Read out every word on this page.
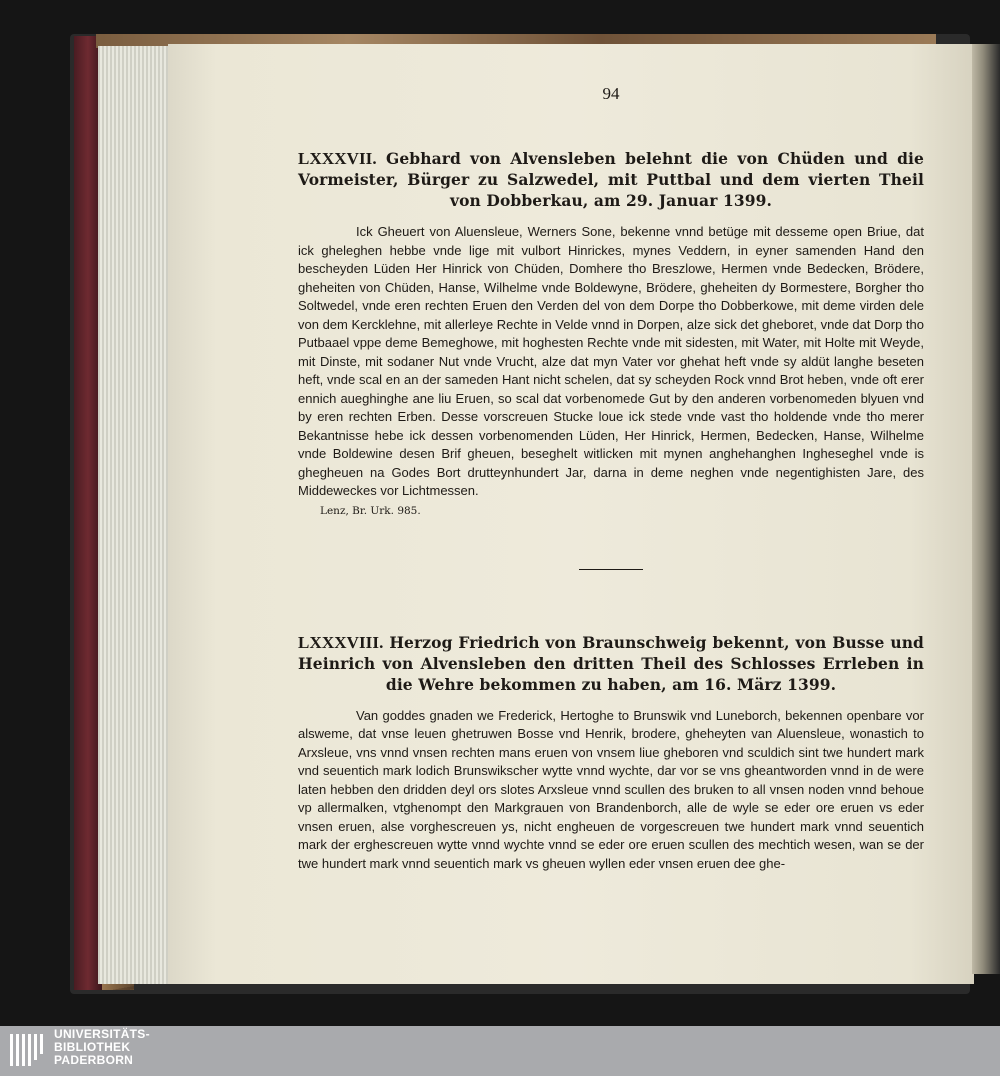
94

LXXXVII. Gebhard von Alvensleben belehnt die von Chüden und die Vormeister, Bürger zu Salzwedel, mit Puttbal und dem vierten Theil von Dobberkau, am 29. Januar 1399.

Ick Gheuert von Aluensleue, Werners Sone, bekenne vnnd betüge mit desseme open Briue, dat ick gheleghen hebbe vnde lige mit vulbort Hinrickes, mynes Veddern, in eyner samenden Hand den bescheyden Lüden Her Hinrick von Chüden, Domhere tho Breszlowe, Hermen vnde Bedecken, Brödere, gheheiten von Chüden, Hanse, Wilhelme vnde Boldewyne, Brödere, gheheiten dy Bormestere, Borgher tho Soltwedel, vnde eren rechten Eruen den Verden del von dem Dorpe tho Dobberkowe, mit deme virden dele von dem Kercklehne, mit allerleye Rechte in Velde vnnd in Dorpen, alze sick det gheboret, vnde dat Dorp tho Putbaael vppe deme Bemeghowe, mit hoghesten Rechte vnde mit sidesten, mit Water, mit Holte mit Weyde, mit Dinste, mit sodaner Nut vnde Vrucht, alze dat myn Vater vor ghehat heft vnde sy aldüt langhe beseten heft, vnde scal en an der sameden Hant nicht schelen, dat sy scheyden Rock vnnd Brot heben, vnde oft erer ennich aueghinghe ane liu Eruen, so scal dat vorbenomede Gut by den anderen vorbenomeden blyuen vnd by eren rechten Erben. Desse vorscreuen Stucke loue ick stede vnde vast tho holdende vnde tho merer Bekantnisse hebe ick dessen vorbenomenden Lüden, Her Hinrick, Hermen, Bedecken, Hanse, Wilhelme vnde Boldewine desen Brif gheuen, beseghelt witlicken mit mynen anghehanghen Ingheseghel vnde is ghegheuen na Godes Bort drutteynhundert Jar, darna in deme neghen vnde negentighisten Jare, des Middeweckes vor Lichtmessen.

Lenz, Br. Urk. 985.

LXXXVIII. Herzog Friedrich von Braunschweig bekennt, von Busse und Heinrich von Alvensleben den dritten Theil des Schlosses Errleben in die Wehre bekommen zu haben, am 16. März 1399.

Van goddes gnaden we Frederick, Hertoghe to Brunswik vnd Luneborch, bekennen openbare vor alsweme, dat vnse leuen ghetruwen Bosse vnd Henrik, brodere, gheheyten van Aluensleue, wonastich to Arxsleue, vns vnnd vnsen rechten mans eruen von vnsem liue gheboren vnd sculdich sint twe hundert mark vnd seuentich mark lodich Brunswikscher wytte vnnd wychte, dar vor se vns gheantworden vnnd in de were laten hebben den dridden deyl ors slotes Arxsleue vnnd scullen des bruken to all vnsen noden vnnd behoue vp allermalken, vtghenompt den Markgrauen von Brandenborch, alle de wyle se eder ore eruen vs eder vnsen eruen, alse vorghescreuen ys, nicht engheuen de vorgescreuen twe hundert mark vnnd seuentich mark der erghescreuen wytte vnnd wychte vnnd se eder ore eruen scullen des mechtich wesen, wan se der twe hundert mark vnnd seuentich mark vs gheuen wyllen eder vnsen eruen dee ghe-

UNIVERSITÄTS-
BIBLIOTHEK
PADERBORN
